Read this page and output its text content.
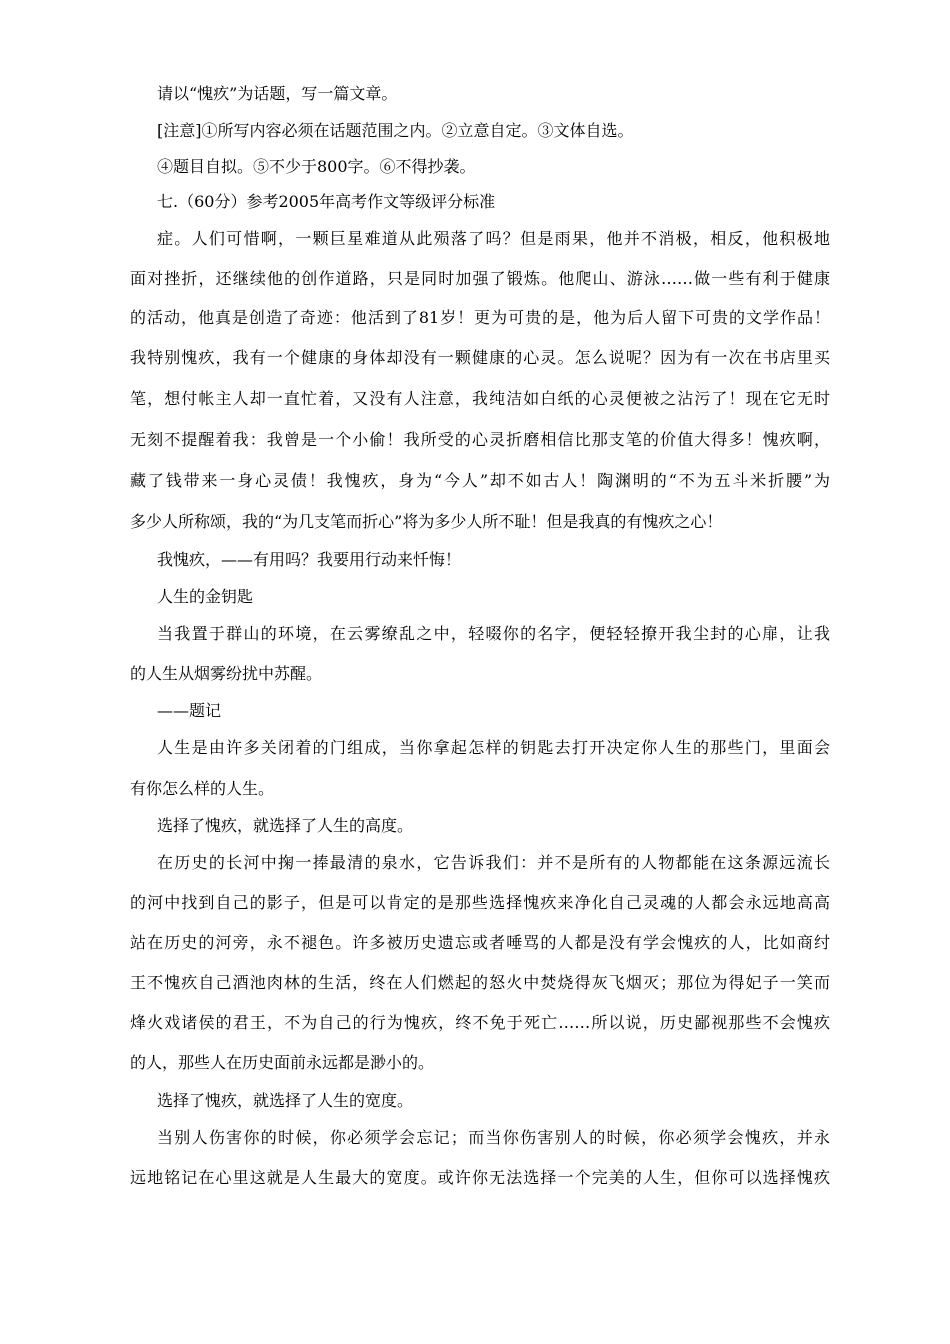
请以“愧疚”为话题，写一篇文章。
[注意]①所写内容必须在话题范围之内。②立意自定。③文体自选。
④题目自拟。⑤不少于800字。⑥不得抄袭。
七.（60分）参考2005年高考作文等级评分标准
症。人们可惜啊，一颗巨星难道从此殒落了吗？但是雨果，他并不消极，相反，他积极地
面对挫折，还继续他的创作道路，只是同时加强了锻炼。他爬山、游泳……做一些有利于健康
的活动，他真是创造了奇迹：他活到了81岁！更为可贵的是，他为后人留下可贵的文学作品！
我特别愧疚，我有一个健康的身体却没有一颗健康的心灵。怎么说呢？因为有一次在书店里买
笔，想付帐主人却一直忙着，又没有人注意，我纯洁如白纸的心灵便被之沾污了！现在它无时
无刻不提醒着我：我曾是一个小偷！我所受的心灵折磨相信比那支笔的价值大得多！愧疚啊，
藏了钱带来一身心灵债！我愧疚，身为“今人”却不如古人！陶渊明的“不为五斗米折腰”为
多少人所称颂，我的“为几支笔而折心”将为多少人所不耻！但是我真的有愧疚之心！
我愧疚，——有用吗？我要用行动来忏悔！
人生的金钥匙
当我置于群山的环境，在云雾缭乱之中，轻啜你的名字，便轻轻撩开我尘封的心扉，让我
的人生从烟雾纷扰中苏醒。
——题记
人生是由许多关闭着的门组成，当你拿起怎样的钥匙去打开决定你人生的那些门，里面会
有你怎么样的人生。
选择了愧疚，就选择了人生的高度。
在历史的长河中掬一捧最清的泉水，它告诉我们：并不是所有的人物都能在这条源远流长
的河中找到自己的影子，但是可以肯定的是那些选择愧疚来净化自己灵魂的人都会永远地高高
站在历史的河旁，永不褪色。许多被历史遗忘或者唾骂的人都是没有学会愧疚的人，比如商纣
王不愧疚自己酒池肉林的生活，终在人们燃起的怒火中焚烧得灰飞烟灭；那位为得妃子一笑而
烽火戏诸侯的君王，不为自己的行为愧疚，终不免于死亡……所以说，历史鄙视那些不会愧疚
的人，那些人在历史面前永远都是渺小的。
选择了愧疚，就选择了人生的宽度。
当别人伤害你的时候，你必须学会忘记；而当你伤害别人的时候，你必须学会愧疚，并永
远地铭记在心里这就是人生最大的宽度。或许你无法选择一个完美的人生，但你可以选择愧疚
